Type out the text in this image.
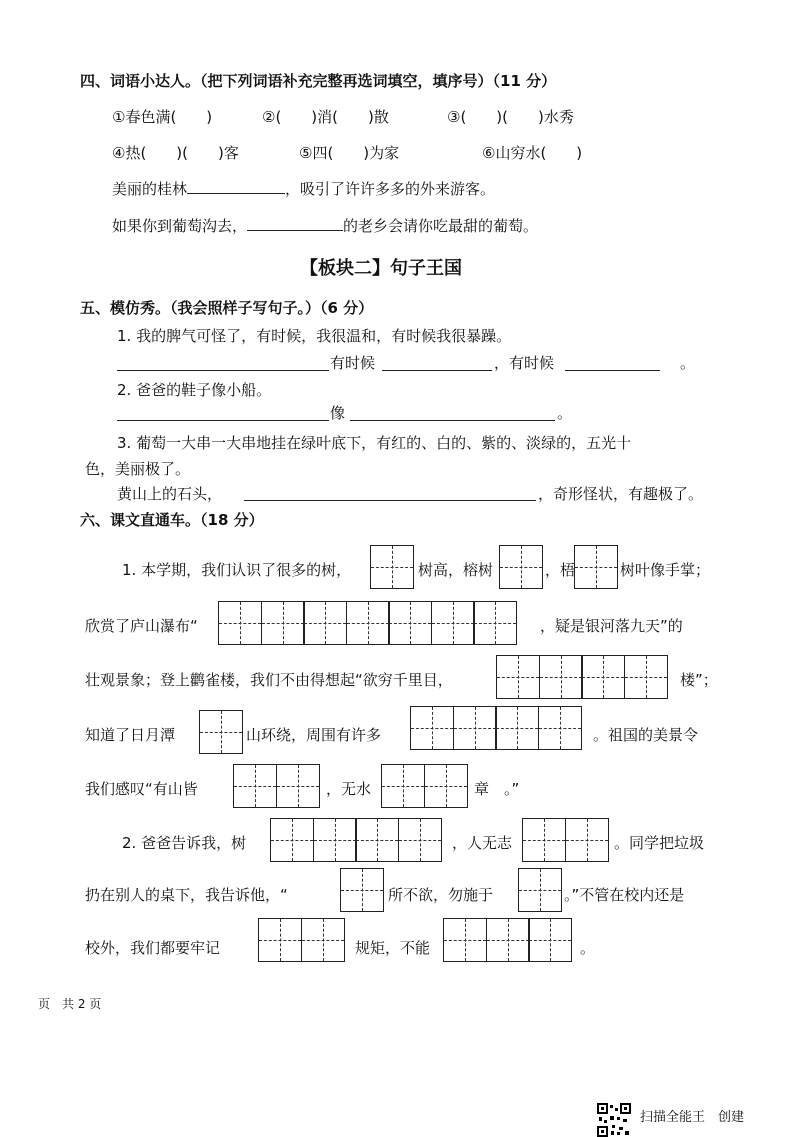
四、词语小达人。（把下列词语补充完整再选词填空，填序号）（11 分）
①春色满(　　)	②(　　)消(　　)散	③(　　)(　　)水秀
④热(　　)(　　)客	⑤四(　　)为家	⑥山穷水(　　)
美丽的桂林	，吸引了许许多多的外来游客。
如果你到葡萄沟去，	的老乡会请你吃最甜的葡萄。
【板块二】句子王国
五、模仿秀。（我会照样子写句子。）（6 分）
1. 我的脾气可怪了，有时候，我很温和，有时候我很暴躁。
有时候	，有时候	。
2. 爸爸的鞋子像小船。
像	。
3. 葡萄一大串一大串地挂在绿叶底下，有红的、白的、紫的、淡绿的，五光十
色，美丽极了。
黄山上的石头，	，奇形怪状，有趣极了。
六、课文直通车。（18 分）
1. 本学期，我们认识了很多的树，	树高，榕树	，梧	树叶像手掌；
欣赏了庐山瀑布“	，疑是银河落九天”的
壮观景象；登上鹳雀楼，我们不由得想起“欲穷千里目，	楼”；
知道了日月潭	山环绕，周围有许多	。祖国的美景令
我们感叹“有山皆	，无水	章　。”
2. 爸爸告诉我，树	，人无志	。同学把垃圾
扔在别人的桌下，我告诉他，“	所不欲，勿施于	。”不管在校内还是
校外，我们都要牢记	规矩，不能	。
页　共 2 页
扫描全能王　创建
